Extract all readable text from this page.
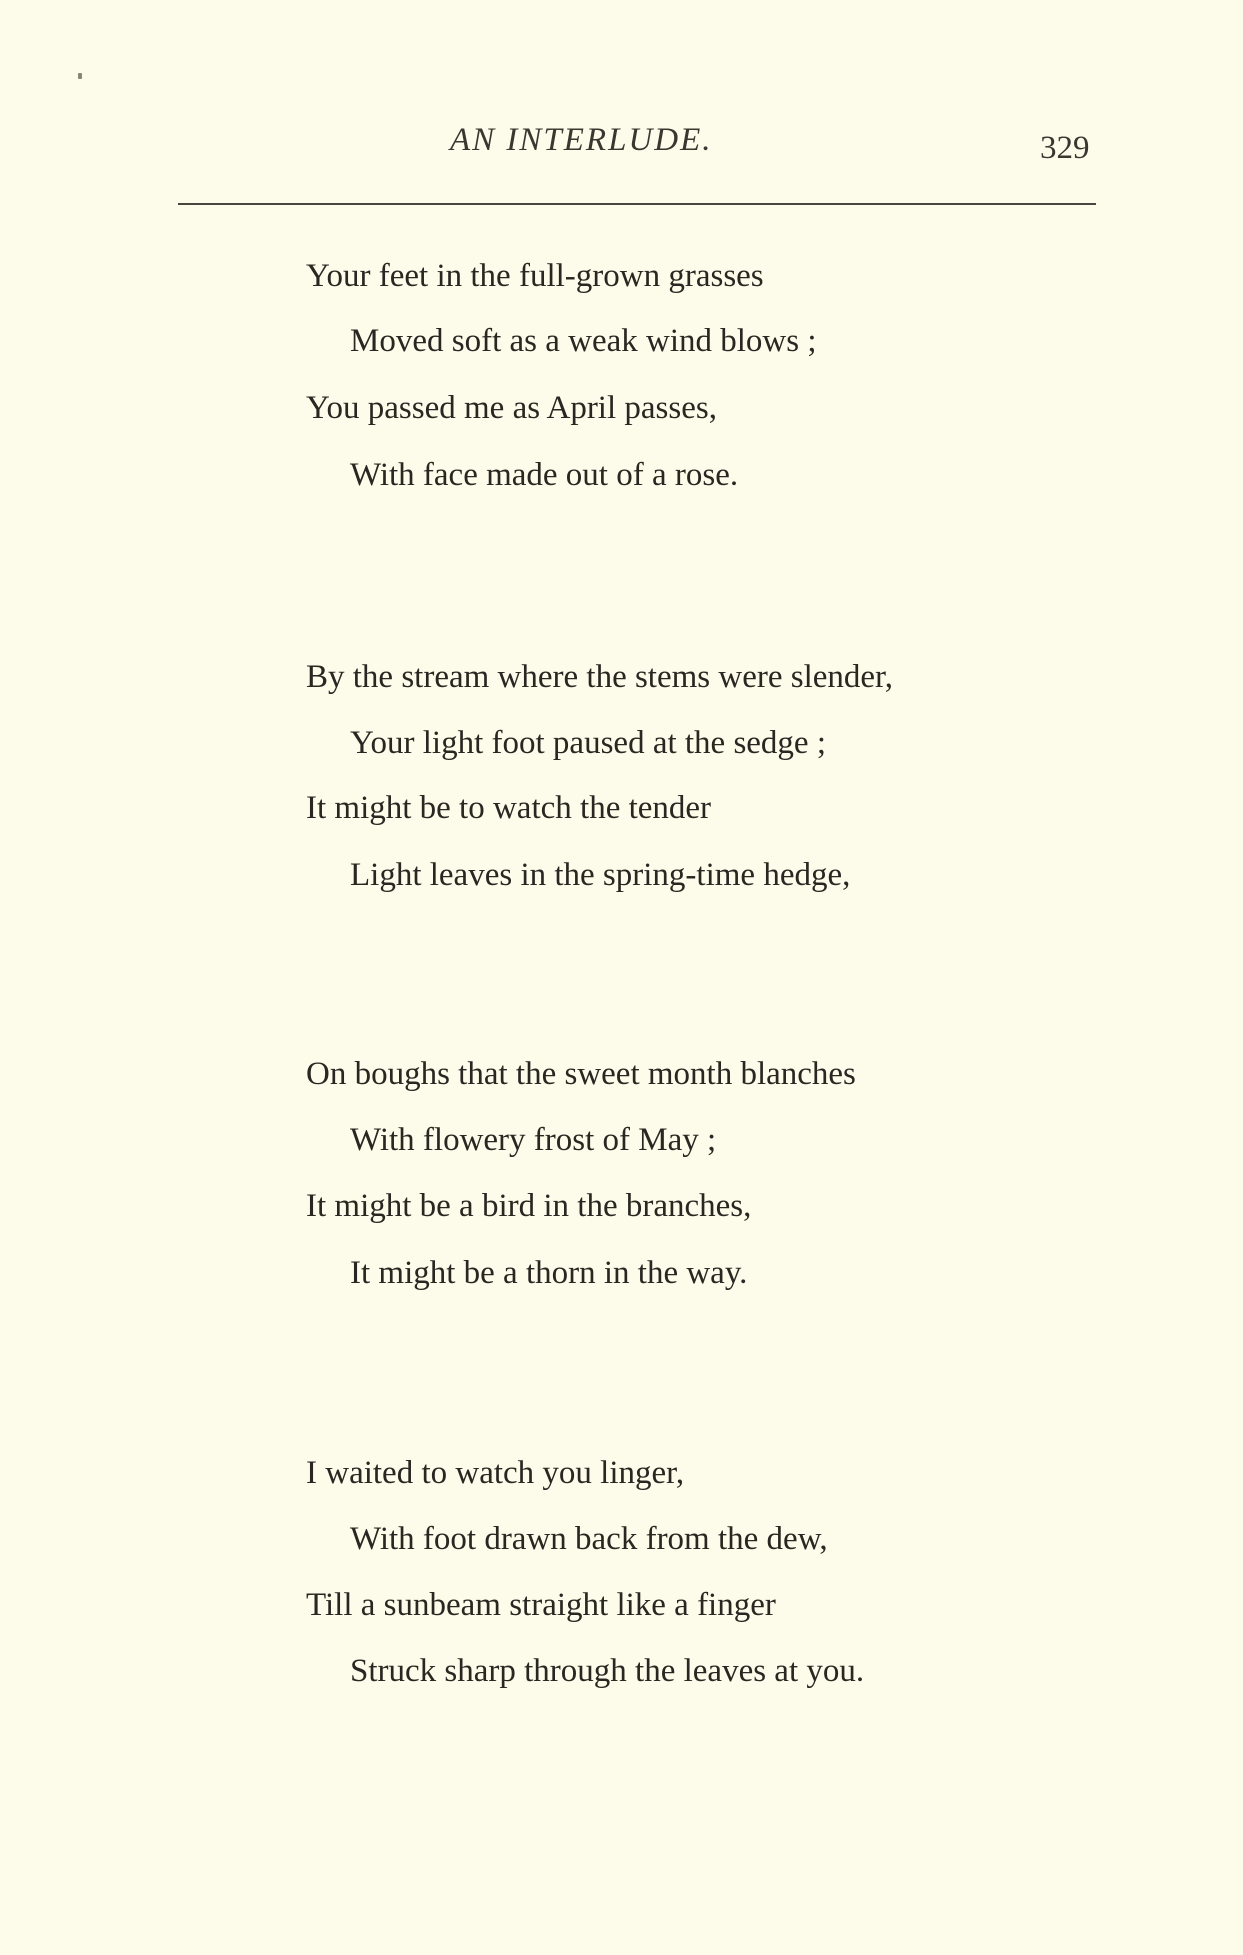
AN INTERLUDE.	329
Your feet in the full-grown grasses
Moved soft as a weak wind blows ;
You passed me as April passes,
With face made out of a rose.
By the stream where the stems were slender,
Your light foot paused at the sedge ;
It might be to watch the tender
Light leaves in the spring-time hedge,
On boughs that the sweet month blanches
With flowery frost of May ;
It might be a bird in the branches,
It might be a thorn in the way.
I waited to watch you linger,
With foot drawn back from the dew,
Till a sunbeam straight like a finger
Struck sharp through the leaves at you.
